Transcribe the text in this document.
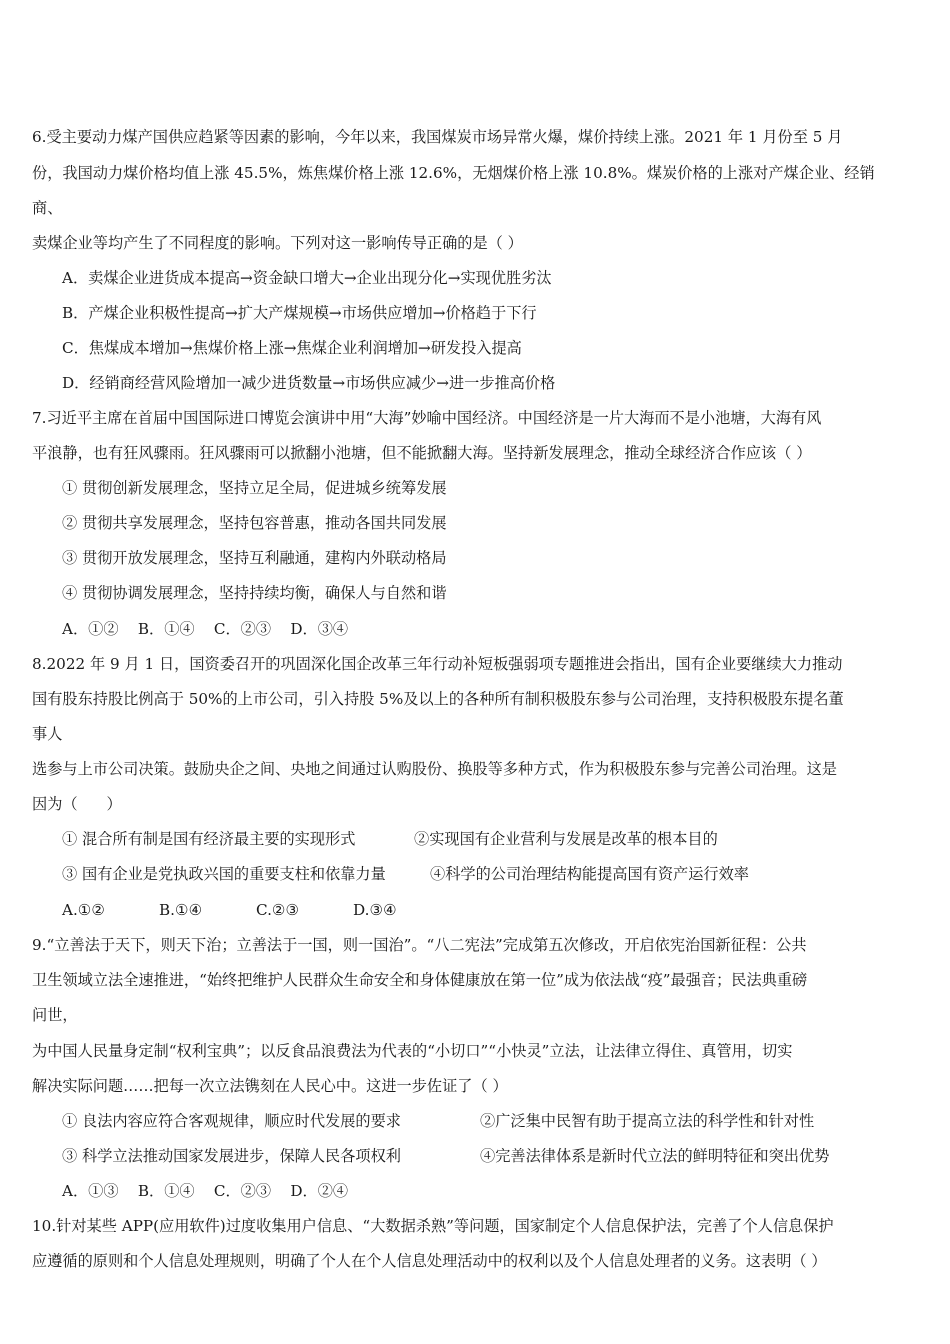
6.受主要动力煤产国供应趋紧等因素的影响，今年以来，我国煤炭市场异常火爆，煤价持续上涨。2021 年 1 月份至 5 月
份，我国动力煤价格均值上涨 45.5%，炼焦煤价格上涨 12.6%，无烟煤价格上涨 10.8%。煤炭价格的上涨对产煤企业、经销
商、
卖煤企业等均产生了不同程度的影响。下列对这一影响传导正确的是（ ）
A．卖煤企业进货成本提高→资金缺口增大→企业出现分化→实现优胜劣汰
B．产煤企业积极性提高→扩大产煤规模→市场供应增加→价格趋于下行
C．焦煤成本增加→焦煤价格上涨→焦煤企业利润增加→研发投入提高
D．经销商经营风险增加一减少进货数量→市场供应减少→进一步推高价格
7.习近平主席在首届中国国际进口博览会演讲中用“大海”妙喻中国经济。中国经济是一片大海而不是小池塘，大海有风
平浪静，也有狂风骤雨。狂风骤雨可以掀翻小池塘，但不能掀翻大海。坚持新发展理念，推动全球经济合作应该（ ）
① 贯彻创新发展理念，坚持立足全局，促进城乡统筹发展
② 贯彻共享发展理念，坚持包容普惠，推动各国共同发展
③ 贯彻开放发展理念，坚持互利融通，建构内外联动格局
④ 贯彻协调发展理念，坚持持续均衡，确保人与自然和谐
A．①②    B．①④    C．②③    D．③④
8.2022 年 9 月 1 日，国资委召开的巩固深化国企改革三年行动补短板强弱项专题推进会指出，国有企业要继续大力推动
国有股东持股比例高于 50%的上市公司，引入持股 5%及以上的各种所有制积极股东参与公司治理，支持积极股东提名董
事人
选参与上市公司决策。鼓励央企之间、央地之间通过认购股份、换股等多种方式，作为积极股东参与完善公司治理。这是
因为（      ）
① 混合所有制是国有经济最主要的实现形式	②实现国有企业营利与发展是改革的根本目的
③ 国有企业是党执政兴国的重要支柱和依靠力量	④科学的公司治理结构能提高国有资产运行效率
A.①②	B.①④	C.②③	D.③④
9.“立善法于天下，则天下治；立善法于一国，则一国治”。“八二宪法”完成第五次修改，开启依宪治国新征程：公共
卫生领域立法全速推进，“始终把维护人民群众生命安全和身体健康放在第一位”成为依法战“疫”最强音；民法典重磅
问世，
为中国人民量身定制“权利宝典”；以反食品浪费法为代表的“小切口”“小快灵”立法，让法律立得住、真管用，切实
解决实际问题……把每一次立法镌刻在人民心中。这进一步佐证了（ ）
① 良法内容应符合客观规律，顺应时代发展的要求	②广泛集中民智有助于提高立法的科学性和针对性
③ 科学立法推动国家发展进步，保障人民各项权利	④完善法律体系是新时代立法的鲜明特征和突出优势
A．①③    B．①④    C．②③    D．②④
10.针对某些 APP(应用软件)过度收集用户信息、“大数据杀熟”等问题，国家制定个人信息保护法，完善了个人信息保护
应遵循的原则和个人信息处理规则，明确了个人在个人信息处理活动中的权利以及个人信息处理者的义务。这表明（ ）
